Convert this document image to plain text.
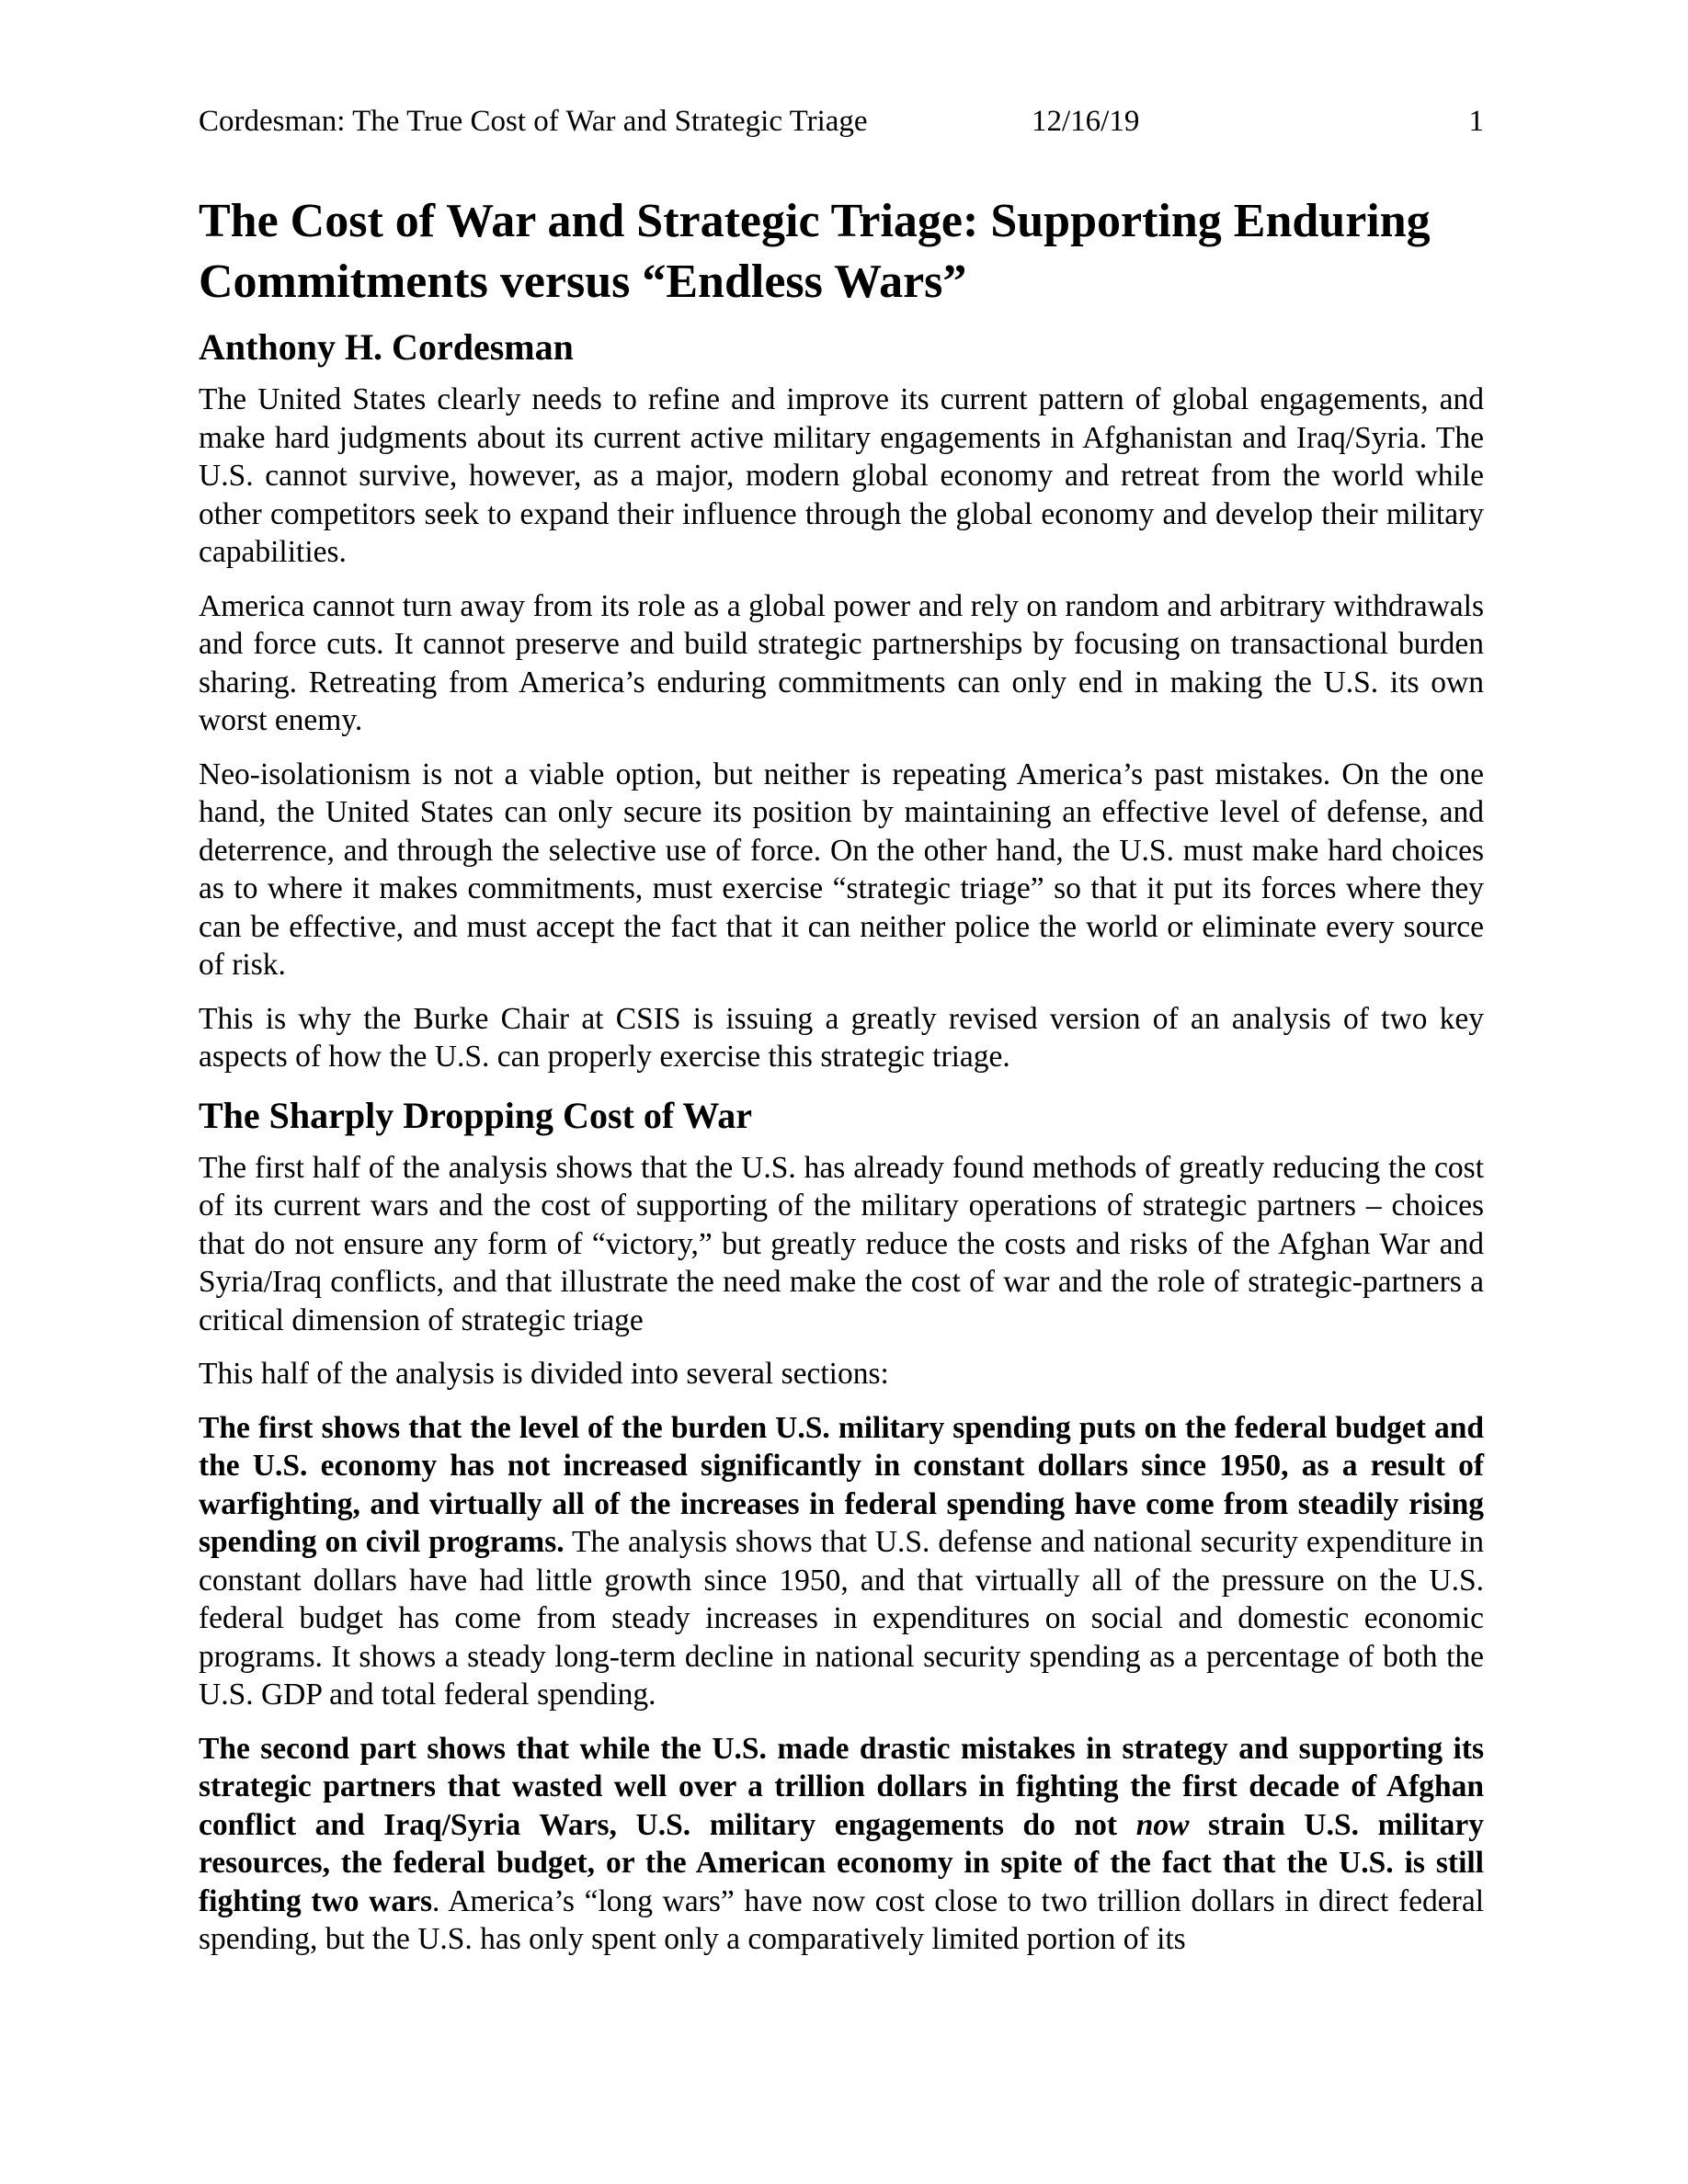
Cordesman: The True Cost of War and Strategic Triage	12/16/19	1
The Cost of War and Strategic Triage: Supporting Enduring Commitments versus “Endless Wars”
Anthony H. Cordesman

The United States clearly needs to refine and improve its current pattern of global engagements, and make hard judgments about its current active military engagements in Afghanistan and Iraq/Syria. The U.S. cannot survive, however, as a major, modern global economy and retreat from the world while other competitors seek to expand their influence through the global economy and develop their military capabilities.

America cannot turn away from its role as a global power and rely on random and arbitrary withdrawals and force cuts. It cannot preserve and build strategic partnerships by focusing on transactional burden sharing. Retreating from America’s enduring commitments can only end in making the U.S. its own worst enemy.

Neo-isolationism is not a viable option, but neither is repeating America’s past mistakes. On the one hand, the United States can only secure its position by maintaining an effective level of defense, and deterrence, and through the selective use of force. On the other hand, the U.S. must make hard choices as to where it makes commitments, must exercise “strategic triage” so that it put its forces where they can be effective, and must accept the fact that it can neither police the world or eliminate every source of risk.

This is why the Burke Chair at CSIS is issuing a greatly revised version of an analysis of two key aspects of how the U.S. can properly exercise this strategic triage.

The Sharply Dropping Cost of War

The first half of the analysis shows that the U.S. has already found methods of greatly reducing the cost of its current wars and the cost of supporting of the military operations of strategic partners – choices that do not ensure any form of “victory,” but greatly reduce the costs and risks of the Afghan War and Syria/Iraq conflicts, and that illustrate the need make the cost of war and the role of strategic-partners a critical dimension of strategic triage

This half of the analysis is divided into several sections:

The first shows that the level of the burden U.S. military spending puts on the federal budget and the U.S. economy has not increased significantly in constant dollars since 1950, as a result of warfighting, and virtually all of the increases in federal spending have come from steadily rising spending on civil programs. The analysis shows that U.S. defense and national security expenditure in constant dollars have had little growth since 1950, and that virtually all of the pressure on the U.S. federal budget has come from steady increases in expenditures on social and domestic economic programs. It shows a steady long-term decline in national security spending as a percentage of both the U.S. GDP and total federal spending.

The second part shows that while the U.S. made drastic mistakes in strategy and supporting its strategic partners that wasted well over a trillion dollars in fighting the first decade of Afghan conflict and Iraq/Syria Wars, U.S. military engagements do not now strain U.S. military resources, the federal budget, or the American economy in spite of the fact that the U.S. is still fighting two wars. America’s “long wars” have now cost close to two trillion dollars in direct federal spending, but the U.S. has only spent only a comparatively limited portion of its
